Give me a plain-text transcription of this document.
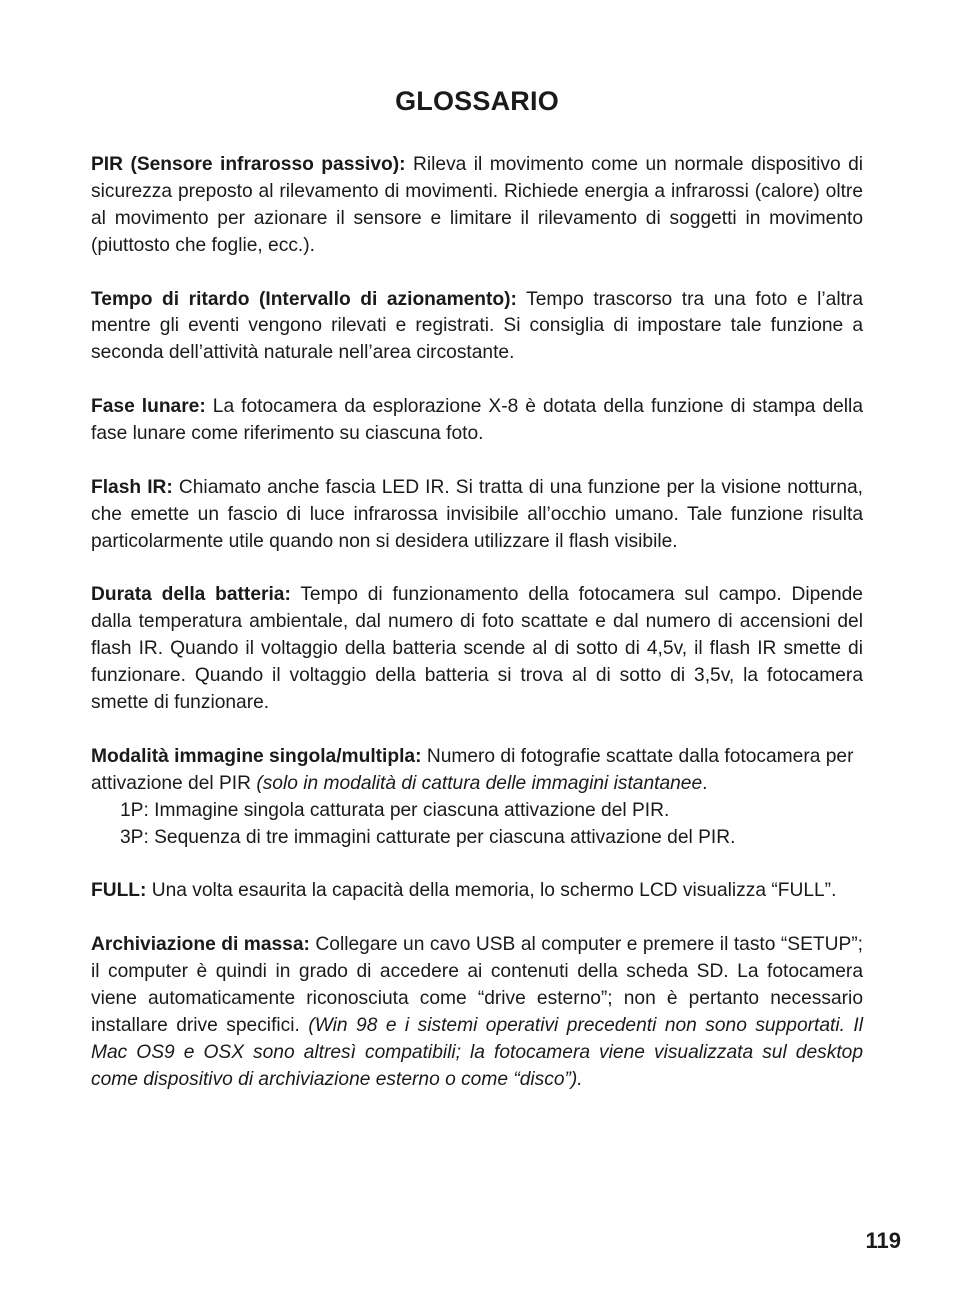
GLOSSARIO

PIR (Sensore infrarosso passivo): Rileva il movimento come un normale dispositivo di sicurezza preposto al rilevamento di movimenti. Richiede energia a infrarossi (calore) oltre al movimento per azionare il sensore e limitare il rilevamento di soggetti in movimento (piuttosto che foglie, ecc.).

Tempo di ritardo (Intervallo di azionamento): Tempo trascorso tra una foto e l’altra mentre gli eventi vengono rilevati e registrati. Si consiglia di impostare tale funzione a seconda dell’attività naturale nell’area circostante.

Fase lunare: La fotocamera da esplorazione X-8 è dotata della funzione di stampa della fase lunare come riferimento su ciascuna foto.

Flash IR: Chiamato anche fascia LED IR. Si tratta di una funzione per la visione notturna, che emette un fascio di luce infrarossa invisibile all’occhio umano. Tale funzione risulta particolarmente utile quando non si desidera utilizzare il flash visibile.

Durata della batteria: Tempo di funzionamento della fotocamera sul campo. Dipende dalla temperatura ambientale, dal numero di foto scattate e dal numero di accensioni del flash IR. Quando il voltaggio della batteria scende al di sotto di 4,5v, il flash IR smette di funzionare. Quando il voltaggio della batteria si trova al di sotto di 3,5v, la fotocamera smette di funzionare.

Modalità immagine singola/multipla: Numero di fotografie scattate dalla fotocamera per attivazione del PIR (solo in modalità di cattura delle immagini istantanee.

1P: Immagine singola catturata per ciascuna attivazione del PIR.

3P: Sequenza di tre immagini catturate per ciascuna attivazione del PIR.

FULL: Una volta esaurita la capacità della memoria, lo schermo LCD visualizza “FULL”.

Archiviazione di massa: Collegare un cavo USB al computer e premere il tasto “SETUP”; il computer è quindi in grado di accedere ai contenuti della scheda SD. La fotocamera viene automaticamente riconosciuta come “drive esterno”; non è pertanto necessario installare drive specifici. (Win 98 e i sistemi operativi precedenti non sono supportati. Il Mac OS9 e OSX sono altresì compatibili; la fotocamera viene visualizzata sul desktop come dispositivo di archiviazione esterno o come “disco”).

119
